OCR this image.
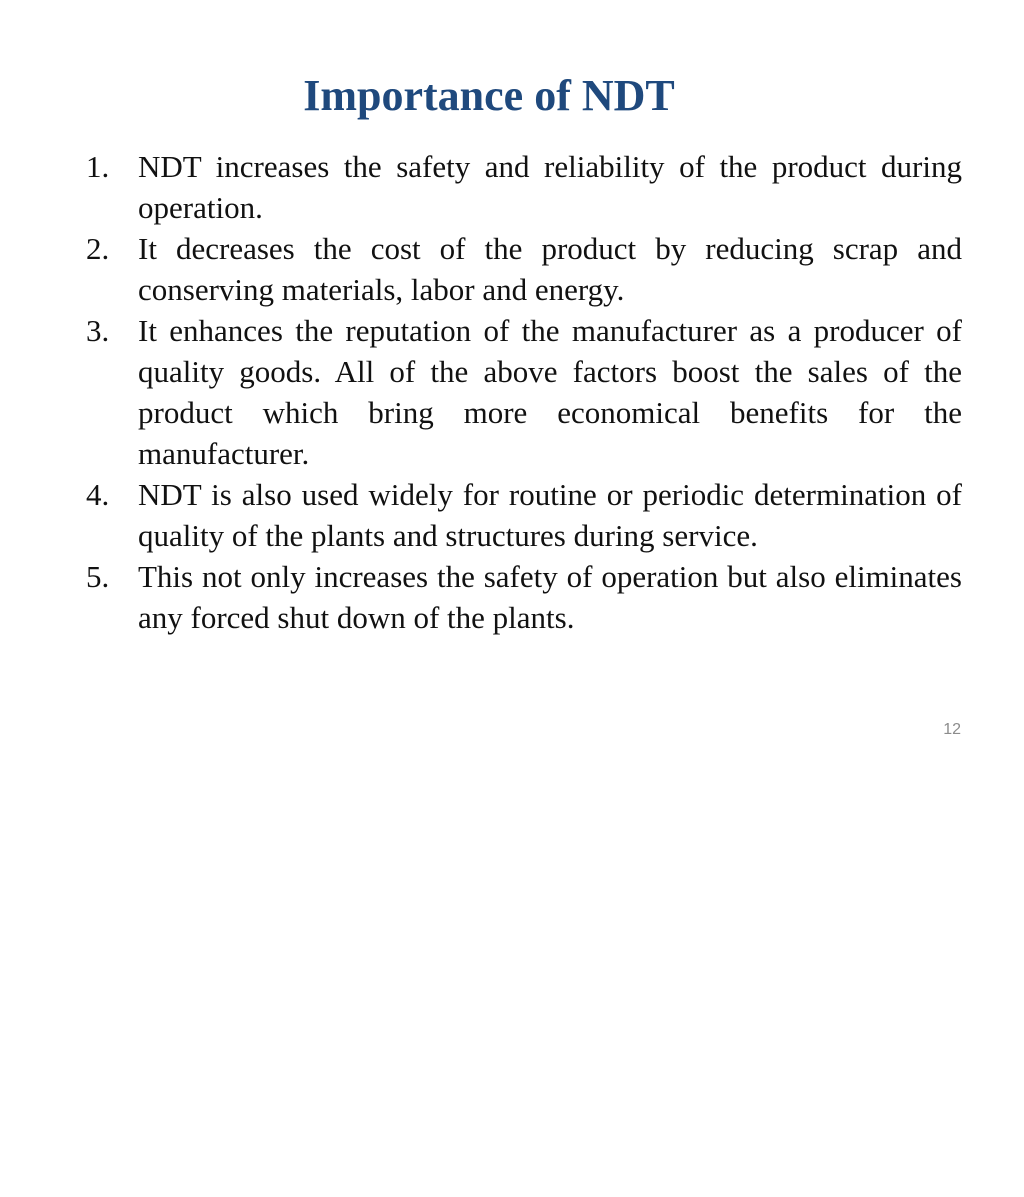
Importance of NDT
1. NDT increases the safety and reliability of the product during operation.
2. It decreases the cost of the product by reducing scrap and conserving materials, labor and energy.
3. It enhances the reputation of the manufacturer as a producer of quality goods. All of the above factors boost the sales of the product which bring more economical benefits for the manufacturer.
4. NDT is also used widely for routine or periodic determination of quality of the plants and structures during service.
5. This not only increases the safety of operation but also eliminates any forced shut down of the plants.
12
